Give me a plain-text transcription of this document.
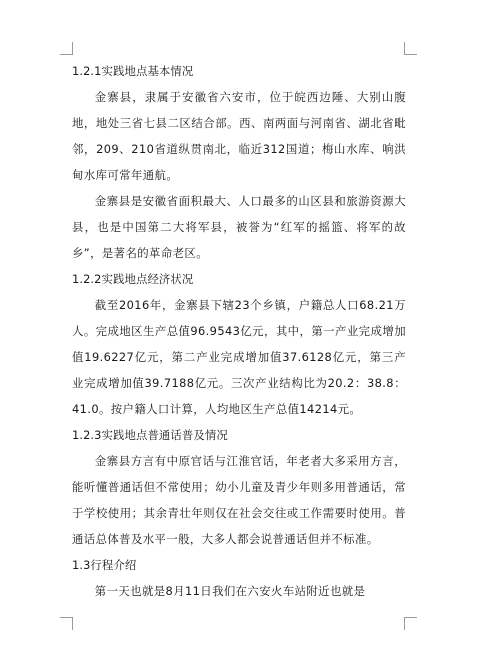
1.2.1实践地点基本情况

金寨县，隶属于安徽省六安市，位于皖西边陲、大别山腹地，地处三省七县二区结合部。西、南两面与河南省、湖北省毗邻，209、210省道纵贯南北，临近312国道；梅山水库、响洪甸水库可常年通航。

金寨县是安徽省面积最大、人口最多的山区县和旅游资源大县，也是中国第二大将军县，被誉为“红军的摇篮、将军的故乡”，是著名的革命老区。

1.2.2实践地点经济状况

截至2016年，金寨县下辖23个乡镇，户籍总人口68.21万人。完成地区生产总值96.9543亿元，其中，第一产业完成增加值19.6227亿元，第二产业完成增加值37.6128亿元，第三产业完成增加值39.7188亿元。三次产业结构比为20.2：38.8：41.0。按户籍人口计算，人均地区生产总值14214元。

1.2.3实践地点普通话普及情况

金寨县方言有中原官话与江淮官话，年老者大多采用方言，能听懂普通话但不常使用；幼小儿童及青少年则多用普通话，常于学校使用；其余青壮年则仅在社会交往或工作需要时使用。普通话总体普及水平一般，大多人都会说普通话但并不标准。

1.3行程介绍

第一天也就是8月11日我们在六安火车站附近也就是
